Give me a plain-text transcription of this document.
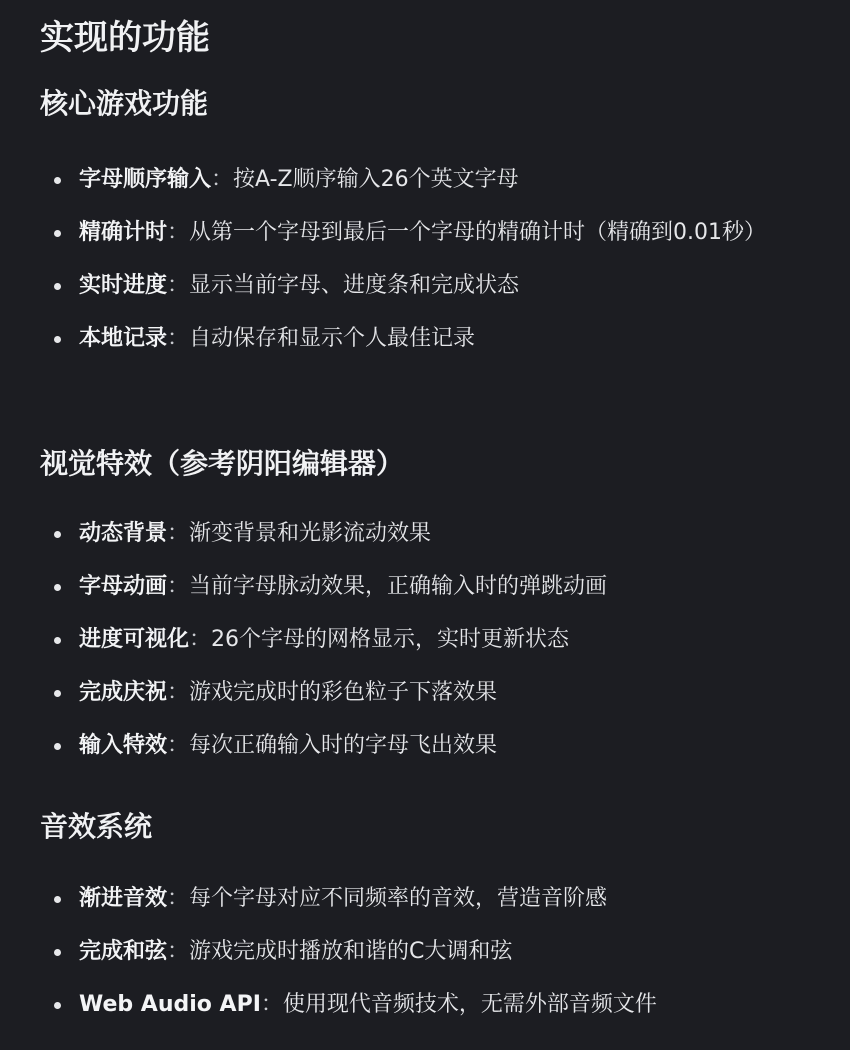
实现的功能
核心游戏功能
字母顺序输入：按A-Z顺序输入26个英文字母
精确计时：从第一个字母到最后一个字母的精确计时（精确到0.01秒）
实时进度：显示当前字母、进度条和完成状态
本地记录：自动保存和显示个人最佳记录
视觉特效（参考阴阳编辑器）
动态背景：渐变背景和光影流动效果
字母动画：当前字母脉动效果，正确输入时的弹跳动画
进度可视化：26个字母的网格显示，实时更新状态
完成庆祝：游戏完成时的彩色粒子下落效果
输入特效：每次正确输入时的字母飞出效果
音效系统
渐进音效：每个字母对应不同频率的音效，营造音阶感
完成和弦：游戏完成时播放和谐的C大调和弦
Web Audio API：使用现代音频技术，无需外部音频文件
